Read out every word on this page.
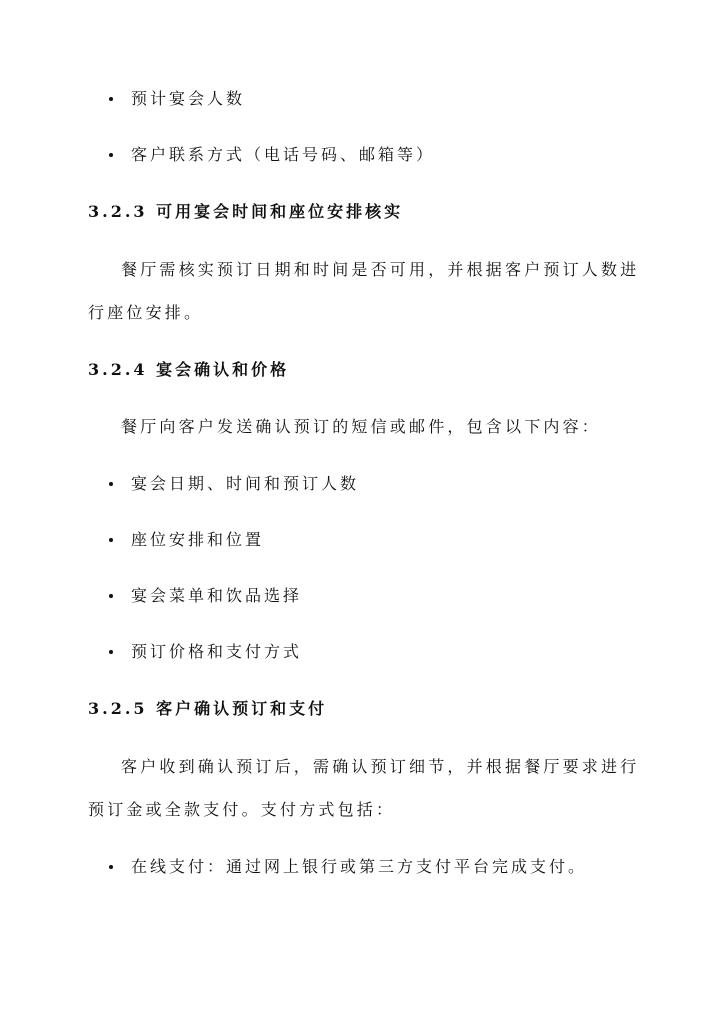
预计宴会人数
客户联系方式（电话号码、邮箱等）
3.2.3 可用宴会时间和座位安排核实
餐厅需核实预订日期和时间是否可用，并根据客户预订人数进
行座位安排。
3.2.4 宴会确认和价格
餐厅向客户发送确认预订的短信或邮件，包含以下内容：
宴会日期、时间和预订人数
座位安排和位置
宴会菜单和饮品选择
预订价格和支付方式
3.2.5 客户确认预订和支付
客户收到确认预订后，需确认预订细节，并根据餐厅要求进行
预订金或全款支付。支付方式包括：
在线支付：通过网上银行或第三方支付平台完成支付。
